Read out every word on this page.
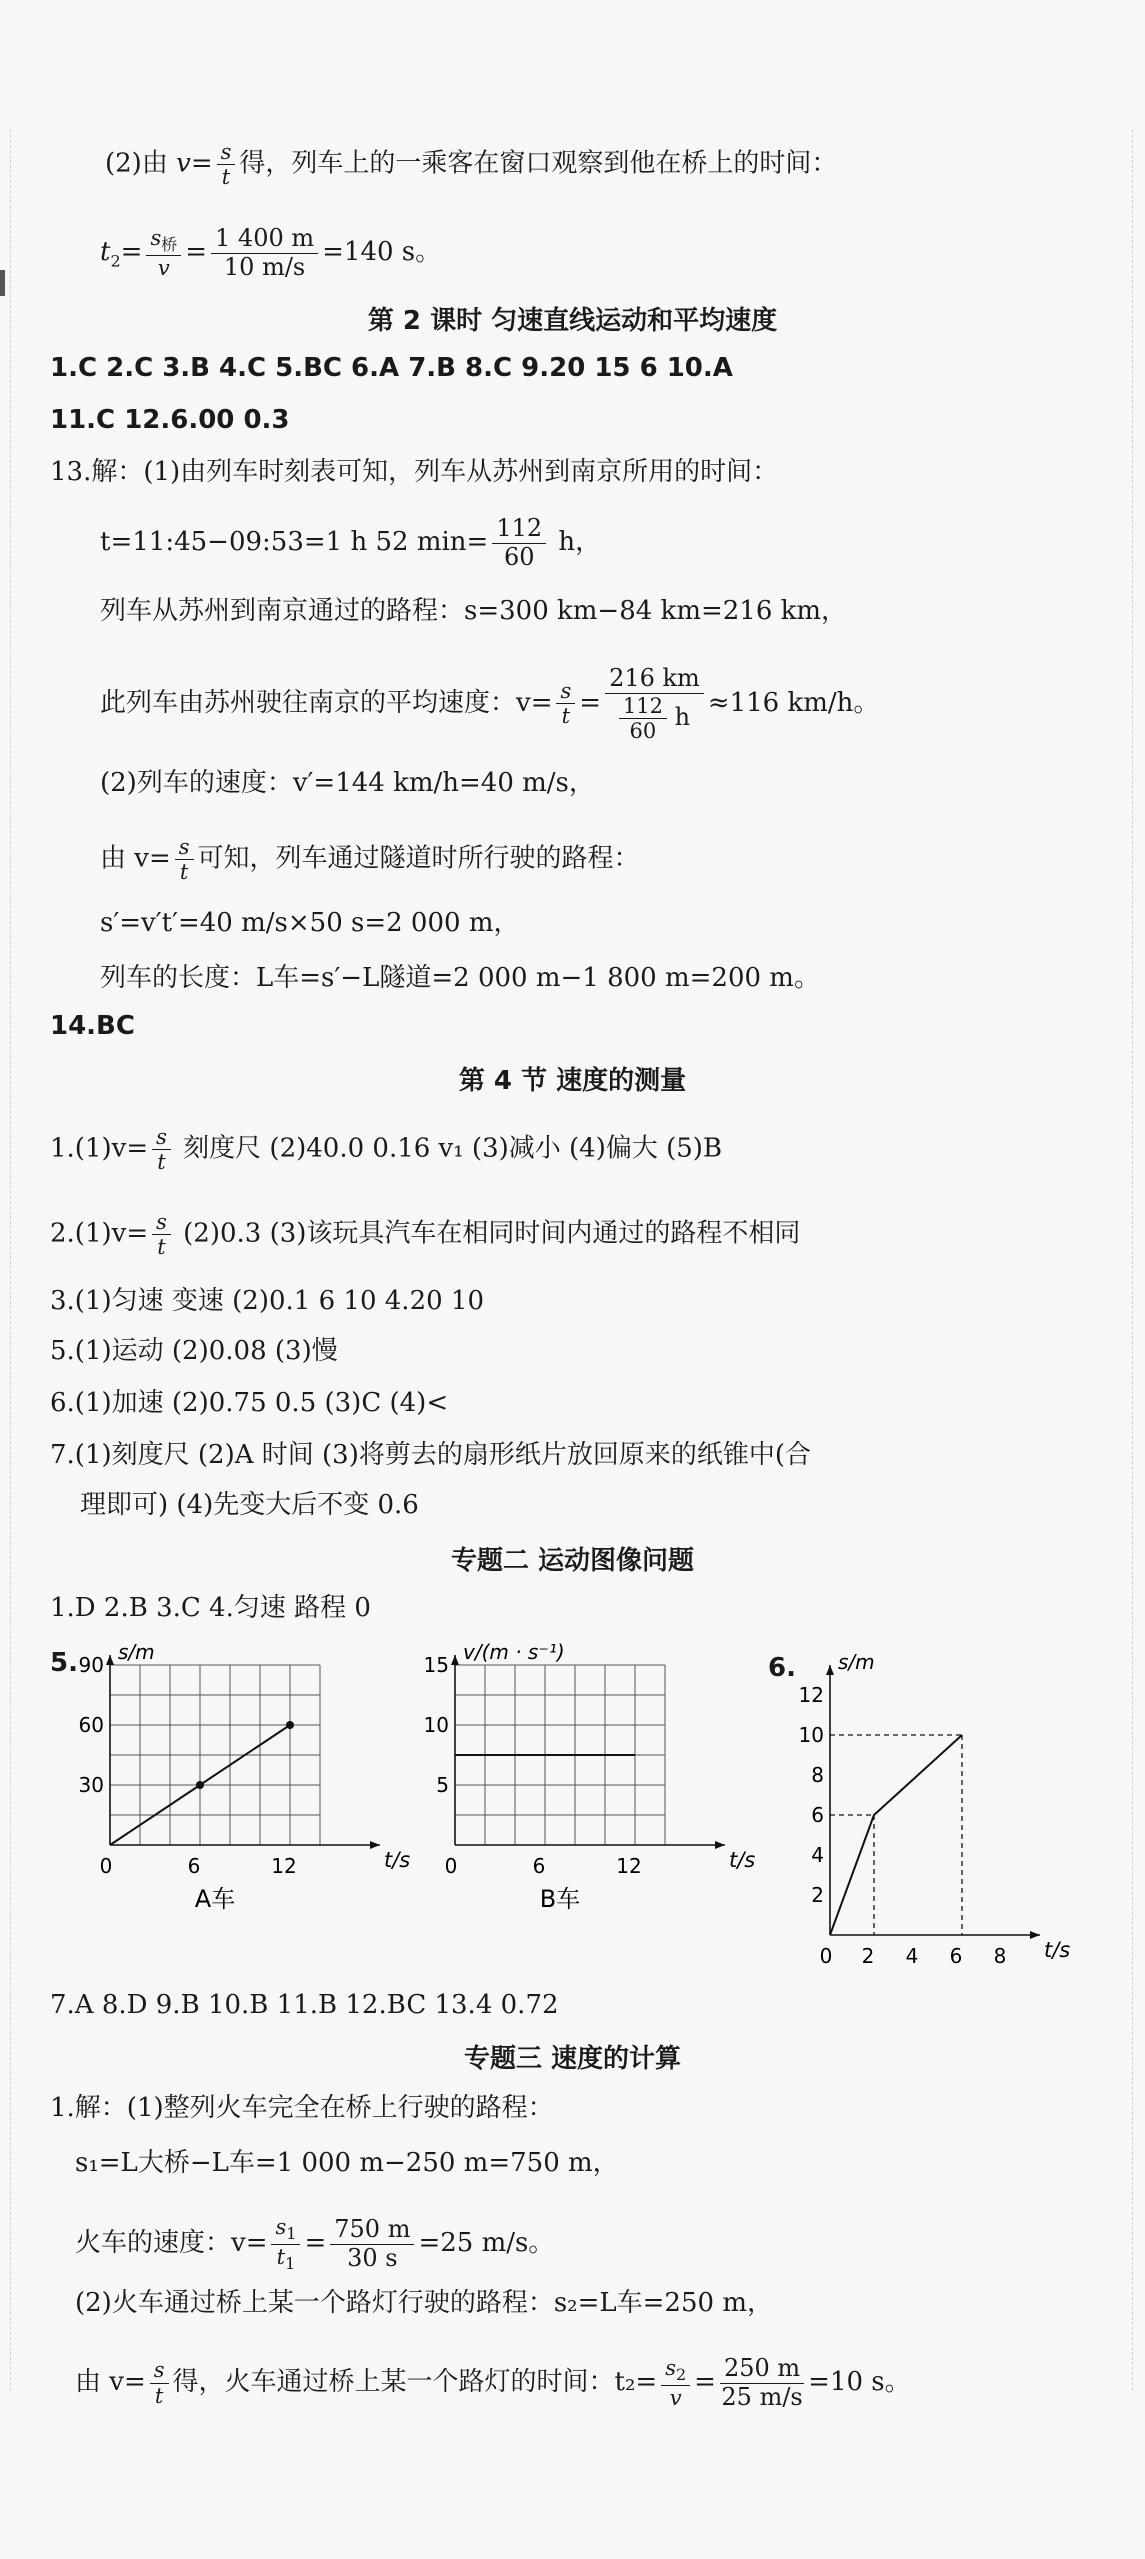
(2)由 $v= \frac{s}{t}$ 得，列车上的一乘客在窗口观察到他在桥上的时间：
$t_2= \frac{s_桥}{v} = \frac{1 400 m}{10 m/s} =140$ s。
第 2 课时 匀速直线运动和平均速度
1.C 2.C 3.B 4.C 5.BC 6.A 7.B 8.C 9.20 15 6 10.A
11.C 12.6.00 0.3
13.解：(1)由列车时刻表可知，列车从苏州到南京所用的时间：
t=11:45−09:53=1 h 52 $\min= \frac{112}{60}$ h，
列车从苏州到南京通过的路程：s=300 km−84 km=216 km，
此列车由苏州驶往南京的平均速度：$v= \frac{s}{t} = \frac{216 km}{\frac{112}{60} h} \approx 116$ km/h。
(2)列车的速度：v′=144 km/h=40 m/s，
由 $v= \frac{s}{t}$ 可知，列车通过隧道时所行驶的路程：
s′=v′t′=40 m/s×50 s=2 000 m，
列车的长度：L车=s′−L隧道=2 000 m−1 800 m=200 m。
14.BC
第 4 节 速度的测量
$1.(1)v= \frac{s}{t}$ 刻度尺 (2)40.0 0.16 v₁ (3)减小 (4)偏大 (5)B
$2.(1)v= \frac{s}{t} (2)0.3$ (3)该玩具汽车在相同时间内通过的路程不相同
3.(1)匀速 变速 (2)0.1 6 10 4.20 10
5.(1)运动 (2)0.08 (3)慢
6.(1)加速 (2)0.75 0.5 (3)C (4)<
7.(1)刻度尺 (2)A 时间 (3)将剪去的扇形纸片放回原来的纸锥中(合
理即可) (4)先变大后不变 0.6
专题二 运动图像问题
1.D 2.B 3.C 4.匀速 路程 0
5.	6.
t/s
s/m
0	6	12
30
60
90
A车
t/s
v/(m · s⁻¹)
0	6	12
5
10
15
B车
t/s
s/m
0 2 4 6 8
2
4
6
8
10
12
7.A 8.D 9.B 10.B 11.B 12.BC 13.4 0.72
专题三 速度的计算
1.解：(1)整列火车完全在桥上行驶的路程：
s₁=L大桥−L车=1 000 m−250 m=750 m，
火车的速度：$v= \frac{s_1}{t_1} = \frac{750 m}{30 s} =25$ m/s。
(2)火车通过桥上某一个路灯行驶的路程：s₂=L车=250 m，
由 $v= \frac{s}{t}$ 得，火车通过桥上某一个路灯的时间：$t_2= \frac{s_2}{v} = \frac{250 m}{25 m/s} =10$ s。
